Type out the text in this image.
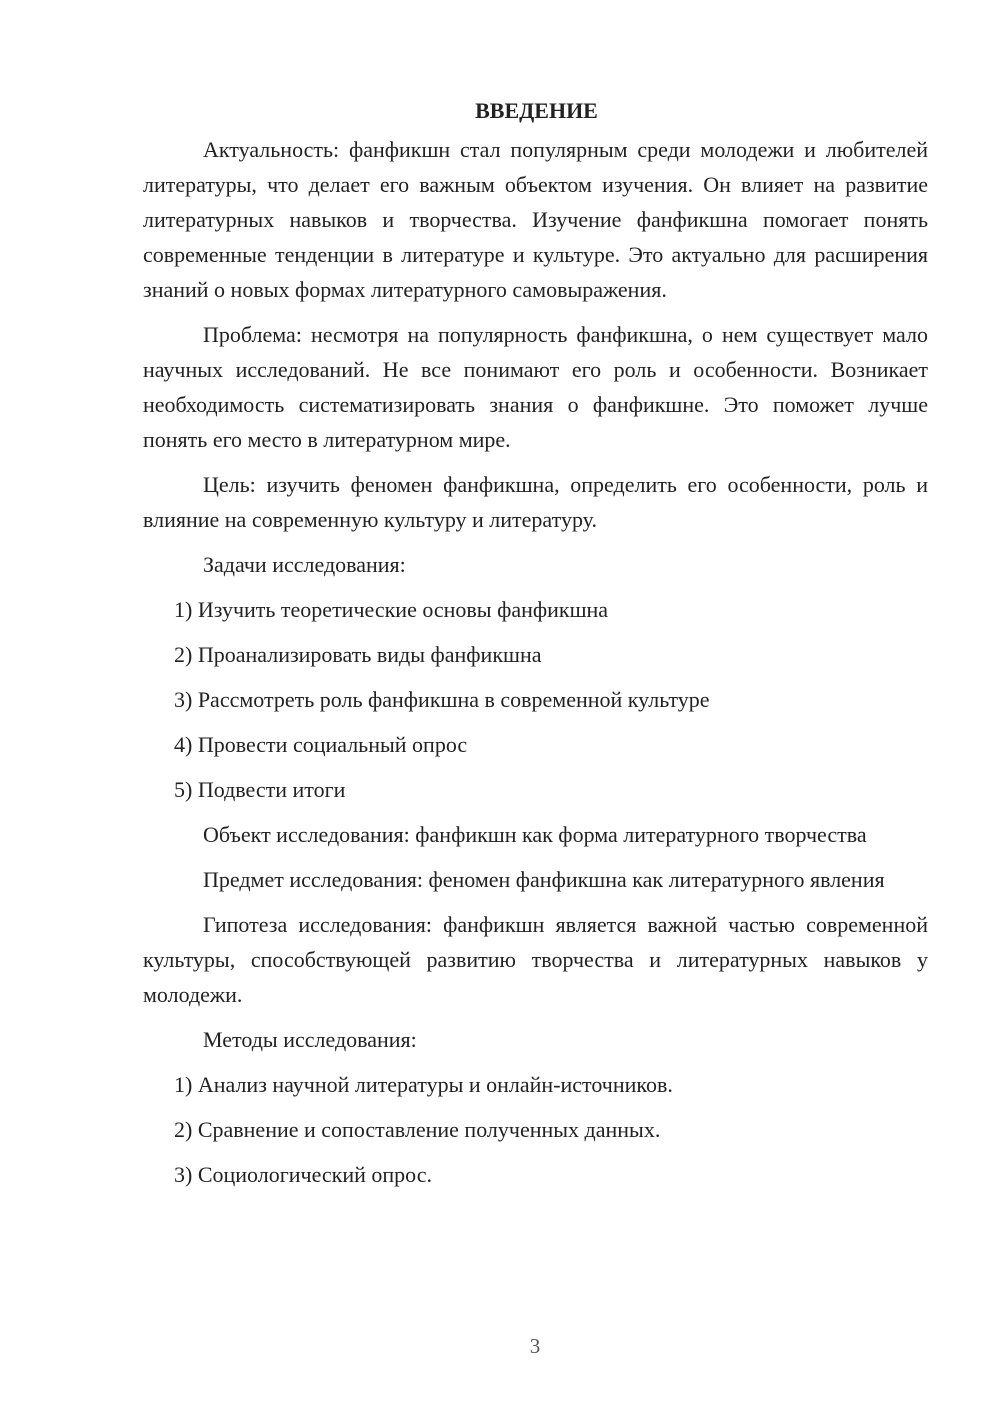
ВВЕДЕНИЕ

Актуальность: фанфикшн стал популярным среди молодежи и любителей литературы, что делает его важным объектом изучения. Он влияет на развитие литературных навыков и творчества. Изучение фанфикшна помогает понять современные тенденции в литературе и культуре. Это актуально для расширения знаний о новых формах литературного самовыражения.

Проблема: несмотря на популярность фанфикшна, о нем существует мало научных исследований. Не все понимают его роль и особенности. Возникает необходимость систематизировать знания о фанфикшне. Это поможет лучше понять его место в литературном мире.

Цель: изучить феномен фанфикшна, определить его особенности, роль и влияние на современную культуру и литературу.

Задачи исследования:

1) Изучить теоретические основы фанфикшна
2) Проанализировать виды фанфикшна
3) Рассмотреть роль фанфикшна в современной культуре
4) Провести социальный опрос
5) Подвести итоги

Объект исследования: фанфикшн как форма литературного творчества

Предмет исследования: феномен фанфикшна как литературного явления

Гипотеза исследования: фанфикшн является важной частью современной культуры, способствующей развитию творчества и литературных навыков у молодежи.

Методы исследования:

1) Анализ научной литературы и онлайн-источников.
2) Сравнение и сопоставление полученных данных.
3) Социологический опрос.
3
